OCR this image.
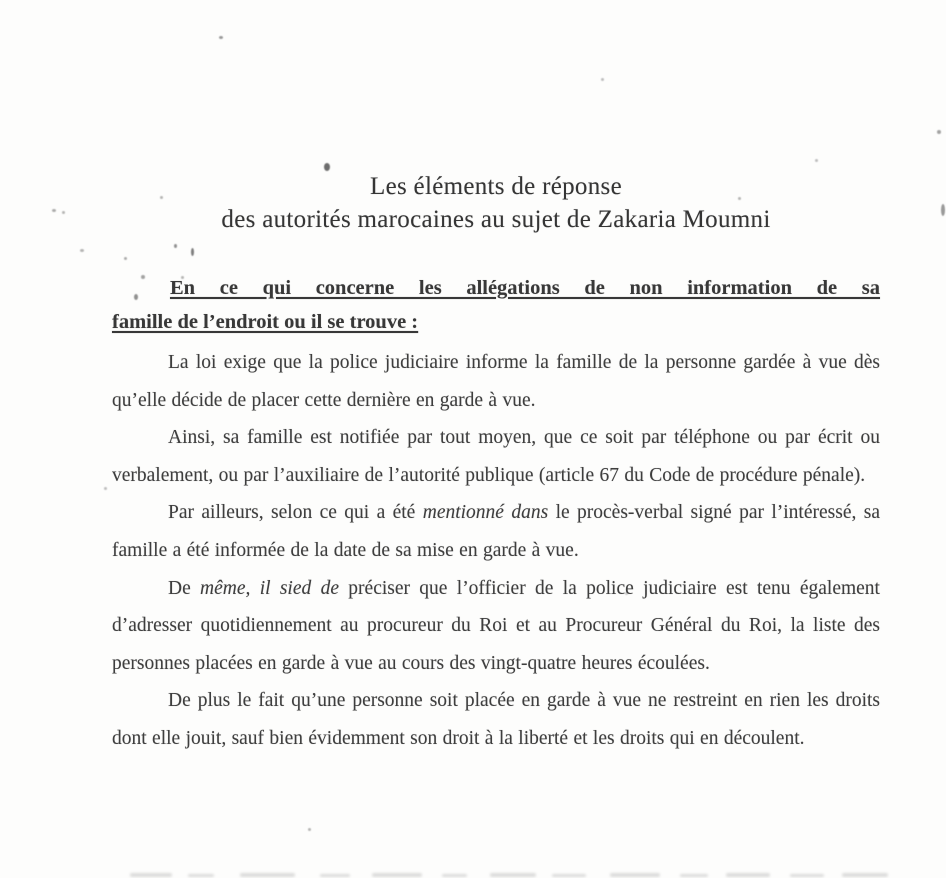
Les éléments de réponse
des autorités marocaines au sujet de Zakaria Moumni

En ce qui concerne les allégations de non information de sa

famille de l’endroit ou il se trouve :

La loi exige que la police judiciaire informe la famille de la personne gardée à vue dès qu’elle décide de placer cette dernière en garde à vue.

Ainsi, sa famille est notifiée par tout moyen, que ce soit par téléphone ou par écrit ou verbalement, ou par l’auxiliaire de l’autorité publique (article 67 du Code de procédure pénale).

Par ailleurs, selon ce qui a été mentionné dans le procès-verbal signé par l’intéressé, sa famille a été informée de la date de sa mise en garde à vue.

De même, il sied de préciser que l’officier de la police judiciaire est tenu également d’adresser quotidiennement au procureur du Roi et au Procureur Général du Roi, la liste des personnes placées en garde à vue au cours des vingt-quatre heures écoulées.

De plus le fait qu’une personne soit placée en garde à vue ne restreint en rien les droits dont elle jouit, sauf bien évidemment son droit à la liberté et les droits qui en découlent.
